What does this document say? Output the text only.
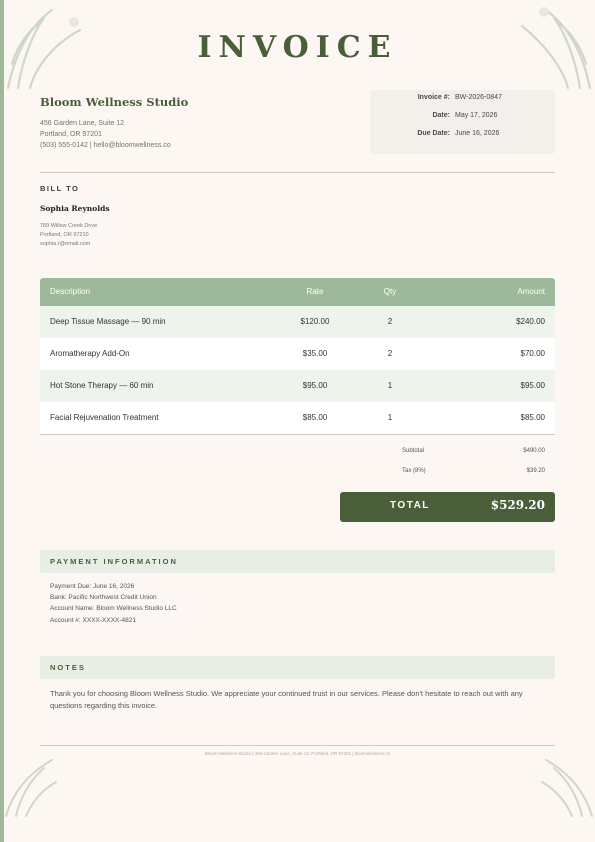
INVOICE
Bloom Wellness Studio
456 Garden Lane, Suite 12
Portland, OR 97201
(503) 555-0142 | hello@bloomwellness.co
Invoice #: BW-2026-0847
Date: May 17, 2026
Due Date: June 16, 2026
BILL TO
Sophia Reynolds
789 Willow Creek Drive
Portland, OR 97210
sophia.r@email.com
Description	Rate	Qty	Amount
Deep Tissue Massage — 90 min	$120.00	2	$240.00
Aromatherapy Add-On	$35.00	2	$70.00
Hot Stone Therapy — 60 min	$95.00	1	$95.00
Facial Rejuvenation Treatment	$85.00	1	$85.00
Subtotal	$490.00
Tax (8%)	$39.20
TOTAL	$529.20
PAYMENT INFORMATION
Payment Due: June 16, 2026
Bank: Pacific Northwest Credit Union
Account Name: Bloom Wellness Studio LLC
Account #: XXXX-XXXX-4821
NOTES
Thank you for choosing Bloom Wellness Studio. We appreciate your continued trust in our services. Please don't hesitate to reach out with any questions regarding this invoice.
Bloom Wellness Studio | 456 Garden Lane, Suite 12, Portland, OR 97201 | bloomwellness.co
